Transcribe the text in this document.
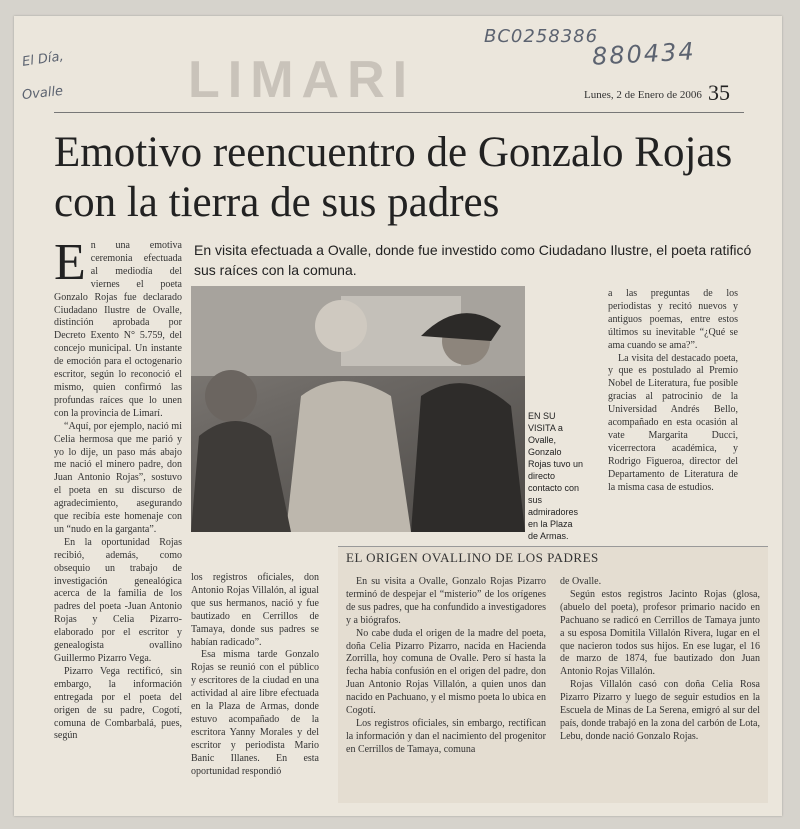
El Día,
Ovalle
BC0258386
880434
LIMARI	Lunes, 2 de Enero de 2006 35
Emotivo reencuentro de Gonzalo Rojas con la tierra de sus padres
En visita efectuada a Ovalle, donde fue investido como Ciudadano Ilustre, el poeta ratificó sus raíces con la comuna.

En una emotiva ceremonia efectuada al mediodía del viernes el poeta Gonzalo Rojas fue declarado Ciudadano Ilustre de Ovalle, distinción aprobada por Decreto Exento N° 5.759, del concejo municipal. Un instante de emoción para el octogenario escritor, según lo reconoció el mismo, quien confirmó las profundas raíces que lo unen con la provincia de Limarí.

“Aquí, por ejemplo, nació mi Celia hermosa que me parió y yo lo dije, un paso más abajo me nació el minero padre, don Juan Antonio Rojas”, sostuvo el poeta en su discurso de agradecimiento, asegurando que recibía este homenaje con un “nudo en la garganta”.

En la oportunidad Rojas recibió, además, como obsequio un trabajo de investigación genealógica acerca de la familia de los padres del poeta -Juan Antonio Rojas y Celia Pizarro- elaborado por el escritor y genealogista ovallino Guillermo Pizarro Vega.

Pizarro Vega rectificó, sin embargo, la información entregada por el poeta del origen de su padre, Cogotí, comuna de Combarbalá, pues, según

EN SU VISITA a Ovalle, Gonzalo Rojas tuvo un directo contacto con sus admiradores en la Plaza de Armas.

los registros oficiales, don Antonio Rojas Villalón, al igual que sus hermanos, nació y fue bautizado en Cerrillos de Tamaya, donde sus padres se habían radicado”.

Esa misma tarde Gonzalo Rojas se reunió con el público y escritores de la ciudad en una actividad al aire libre efectuada en la Plaza de Armas, donde estuvo acompañado de la escritora Yanny Morales y del escritor y periodista Mario Banic Illanes. En esta oportunidad respondió

a las preguntas de los periodistas y recitó nuevos y antiguos poemas, entre estos últimos su inevitable “¿Qué se ama cuando se ama?”.

La visita del destacado poeta, y que es postulado al Premio Nobel de Literatura, fue posible gracias al patrocinio de la Universidad Andrés Bello, acompañado en esta ocasión al vate Margarita Ducci, vicerrectora académica, y Rodrigo Figueroa, director del Departamento de Literatura de la misma casa de estudios.

EL ORIGEN OVALLINO DE LOS PADRES

En su visita a Ovalle, Gonzalo Rojas Pizarro terminó de despejar el “misterio” de los orígenes de sus padres, que ha confundido a investigadores y a biógrafos.

No cabe duda el origen de la madre del poeta, doña Celia Pizarro Pizarro, nacida en Hacienda Zorrilla, hoy comuna de Ovalle. Pero sí hasta la fecha había confusión en el origen del padre, don Juan Antonio Rojas Villalón, a quien unos dan nacido en Pachuano, y el mismo poeta lo ubica en Cogotí.

Los registros oficiales, sin embargo, rectifican la información y dan el nacimiento del progenitor en Cerrillos de Tamaya, comuna

de Ovalle.

Según estos registros Jacinto Rojas (glosa, (abuelo del poeta), profesor primario nacido en Pachuano se radicó en Cerrillos de Tamaya junto a su esposa Domitila Villalón Rivera, lugar en el que nacieron todos sus hijos. En ese lugar, el 16 de marzo de 1874, fue bautizado don Juan Antonio Rojas Villalón.

Rojas Villalón casó con doña Celia Rosa Pizarro Pizarro y luego de seguir estudios en la Escuela de Minas de La Serena, emigró al sur del país, donde trabajó en la zona del carbón de Lota, Lebu, donde nació Gonzalo Rojas.
